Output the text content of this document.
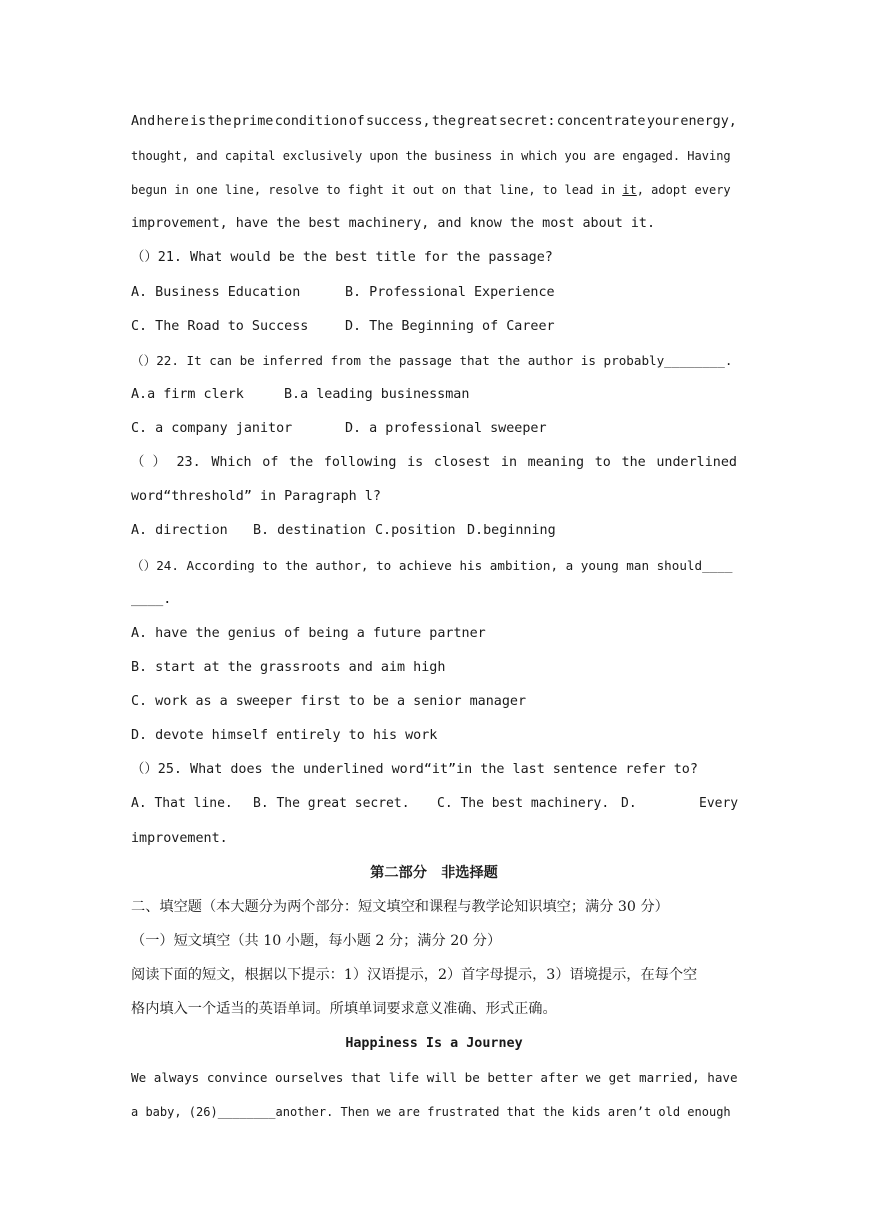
And here is the prime condition of success, the great secret: concentrate your energy,
thought, and capital exclusively upon the business in which you are engaged. Having
begun in one line, resolve to fight it out on that line, to lead in it, adopt every
improvement, have the best machinery, and know the most about it.
（）21. What would be the best title for the passage?
A. Business Education	B. Professional Experience
C. The Road to Success	D. The Beginning of Career
（）22. It can be inferred from the passage that the author is probably________.
A.a firm clerk	B.a leading businessman
C. a company janitor	D. a professional sweeper
（ ） 23. Which of the following is closest in meaning to the underlined
word“threshold” in Paragraph l?
A. direction B. destination C.position D.beginning
（）24. According to the author, to achieve his ambition, a young man should____
____.
A. have the genius of being a future partner
B. start at the grassroots and aim high
C. work as a sweeper first to be a senior manager
D. devote himself entirely to his work
（）25. What does the underlined word“it”in the last sentence refer to?
A. That line. B. The great secret. C. The best machinery. D.	Every
improvement.
第二部分　非选择题
二、填空题（本大题分为两个部分：短文填空和课程与教学论知识填空；满分 30 分）
（一）短文填空（共 10 小题，每小题 2 分；满分 20 分）
阅读下面的短文，根据以下提示：1）汉语提示，2）首字母提示，3）语境提示，在每个空
格内填入一个适当的英语单词。所填单词要求意义准确、形式正确。
Happiness Is a Journey
We always convince ourselves that life will be better after we get married, have
a baby, (26)________another. Then we are frustrated that the kids aren’t old enough
